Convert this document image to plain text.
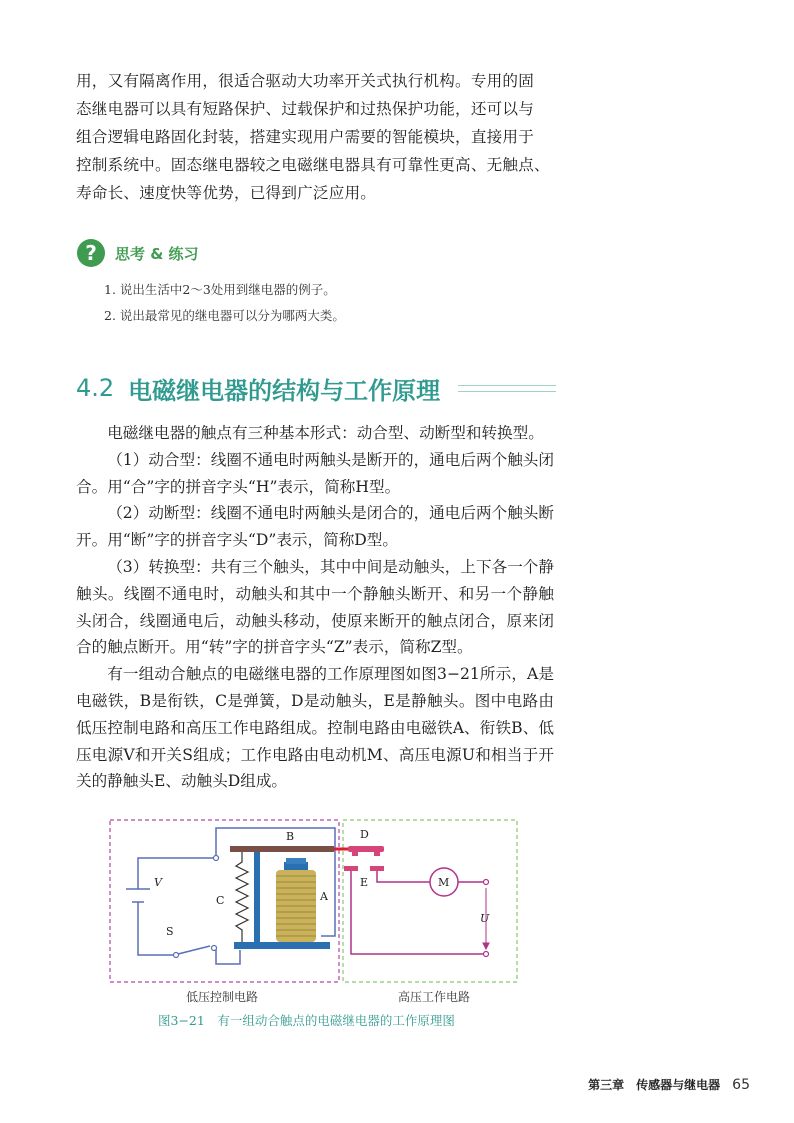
用，又有隔离作用，很适合驱动大功率开关式执行机构。专用的固

态继电器可以具有短路保护、过载保护和过热保护功能，还可以与

组合逻辑电路固化封装，搭建实现用户需要的智能模块，直接用于

控制系统中。固态继电器较之电磁继电器具有可靠性更高、无触点、

寿命长、速度快等优势，已得到广泛应用。

?	思考 & 练习
1. 说出生活中2～3处用到继电器的例子。
2. 说出最常见的继电器可以分为哪两大类。
4.2 电磁继电器的结构与工作原理

电磁继电器的触点有三种基本形式：动合型、动断型和转换型。

（1）动合型：线圈不通电时两触头是断开的，通电后两个触头闭合。用“合”字的拼音字头“H”表示，简称H型。

（2）动断型：线圈不通电时两触头是闭合的，通电后两个触头断开。用“断”字的拼音字头“D”表示，简称D型。

（3）转换型：共有三个触头，其中中间是动触头，上下各一个静触头。线圈不通电时，动触头和其中一个静触头断开、和另一个静触头闭合，线圈通电后，动触头移动，使原来断开的触点闭合，原来闭合的触点断开。用“转”字的拼音字头“Z”表示，简称Z型。

有一组动合触点的电磁继电器的工作原理图如图3−21所示，A是电磁铁，B是衔铁，C是弹簧，D是动触头，E是静触头。图中电路由低压控制电路和高压工作电路组成。控制电路由电磁铁A、衔铁B、低压电源V和开关S组成；工作电路由电动机M、高压电源U和相当于开关的静触头E、动触头D组成。

B	D
E
A
C
M
V
S
U
低压控制电路	高压工作电路
图3−21　有一组动合触点的电磁继电器的工作原理图
第三章　传感器与继电器 65
